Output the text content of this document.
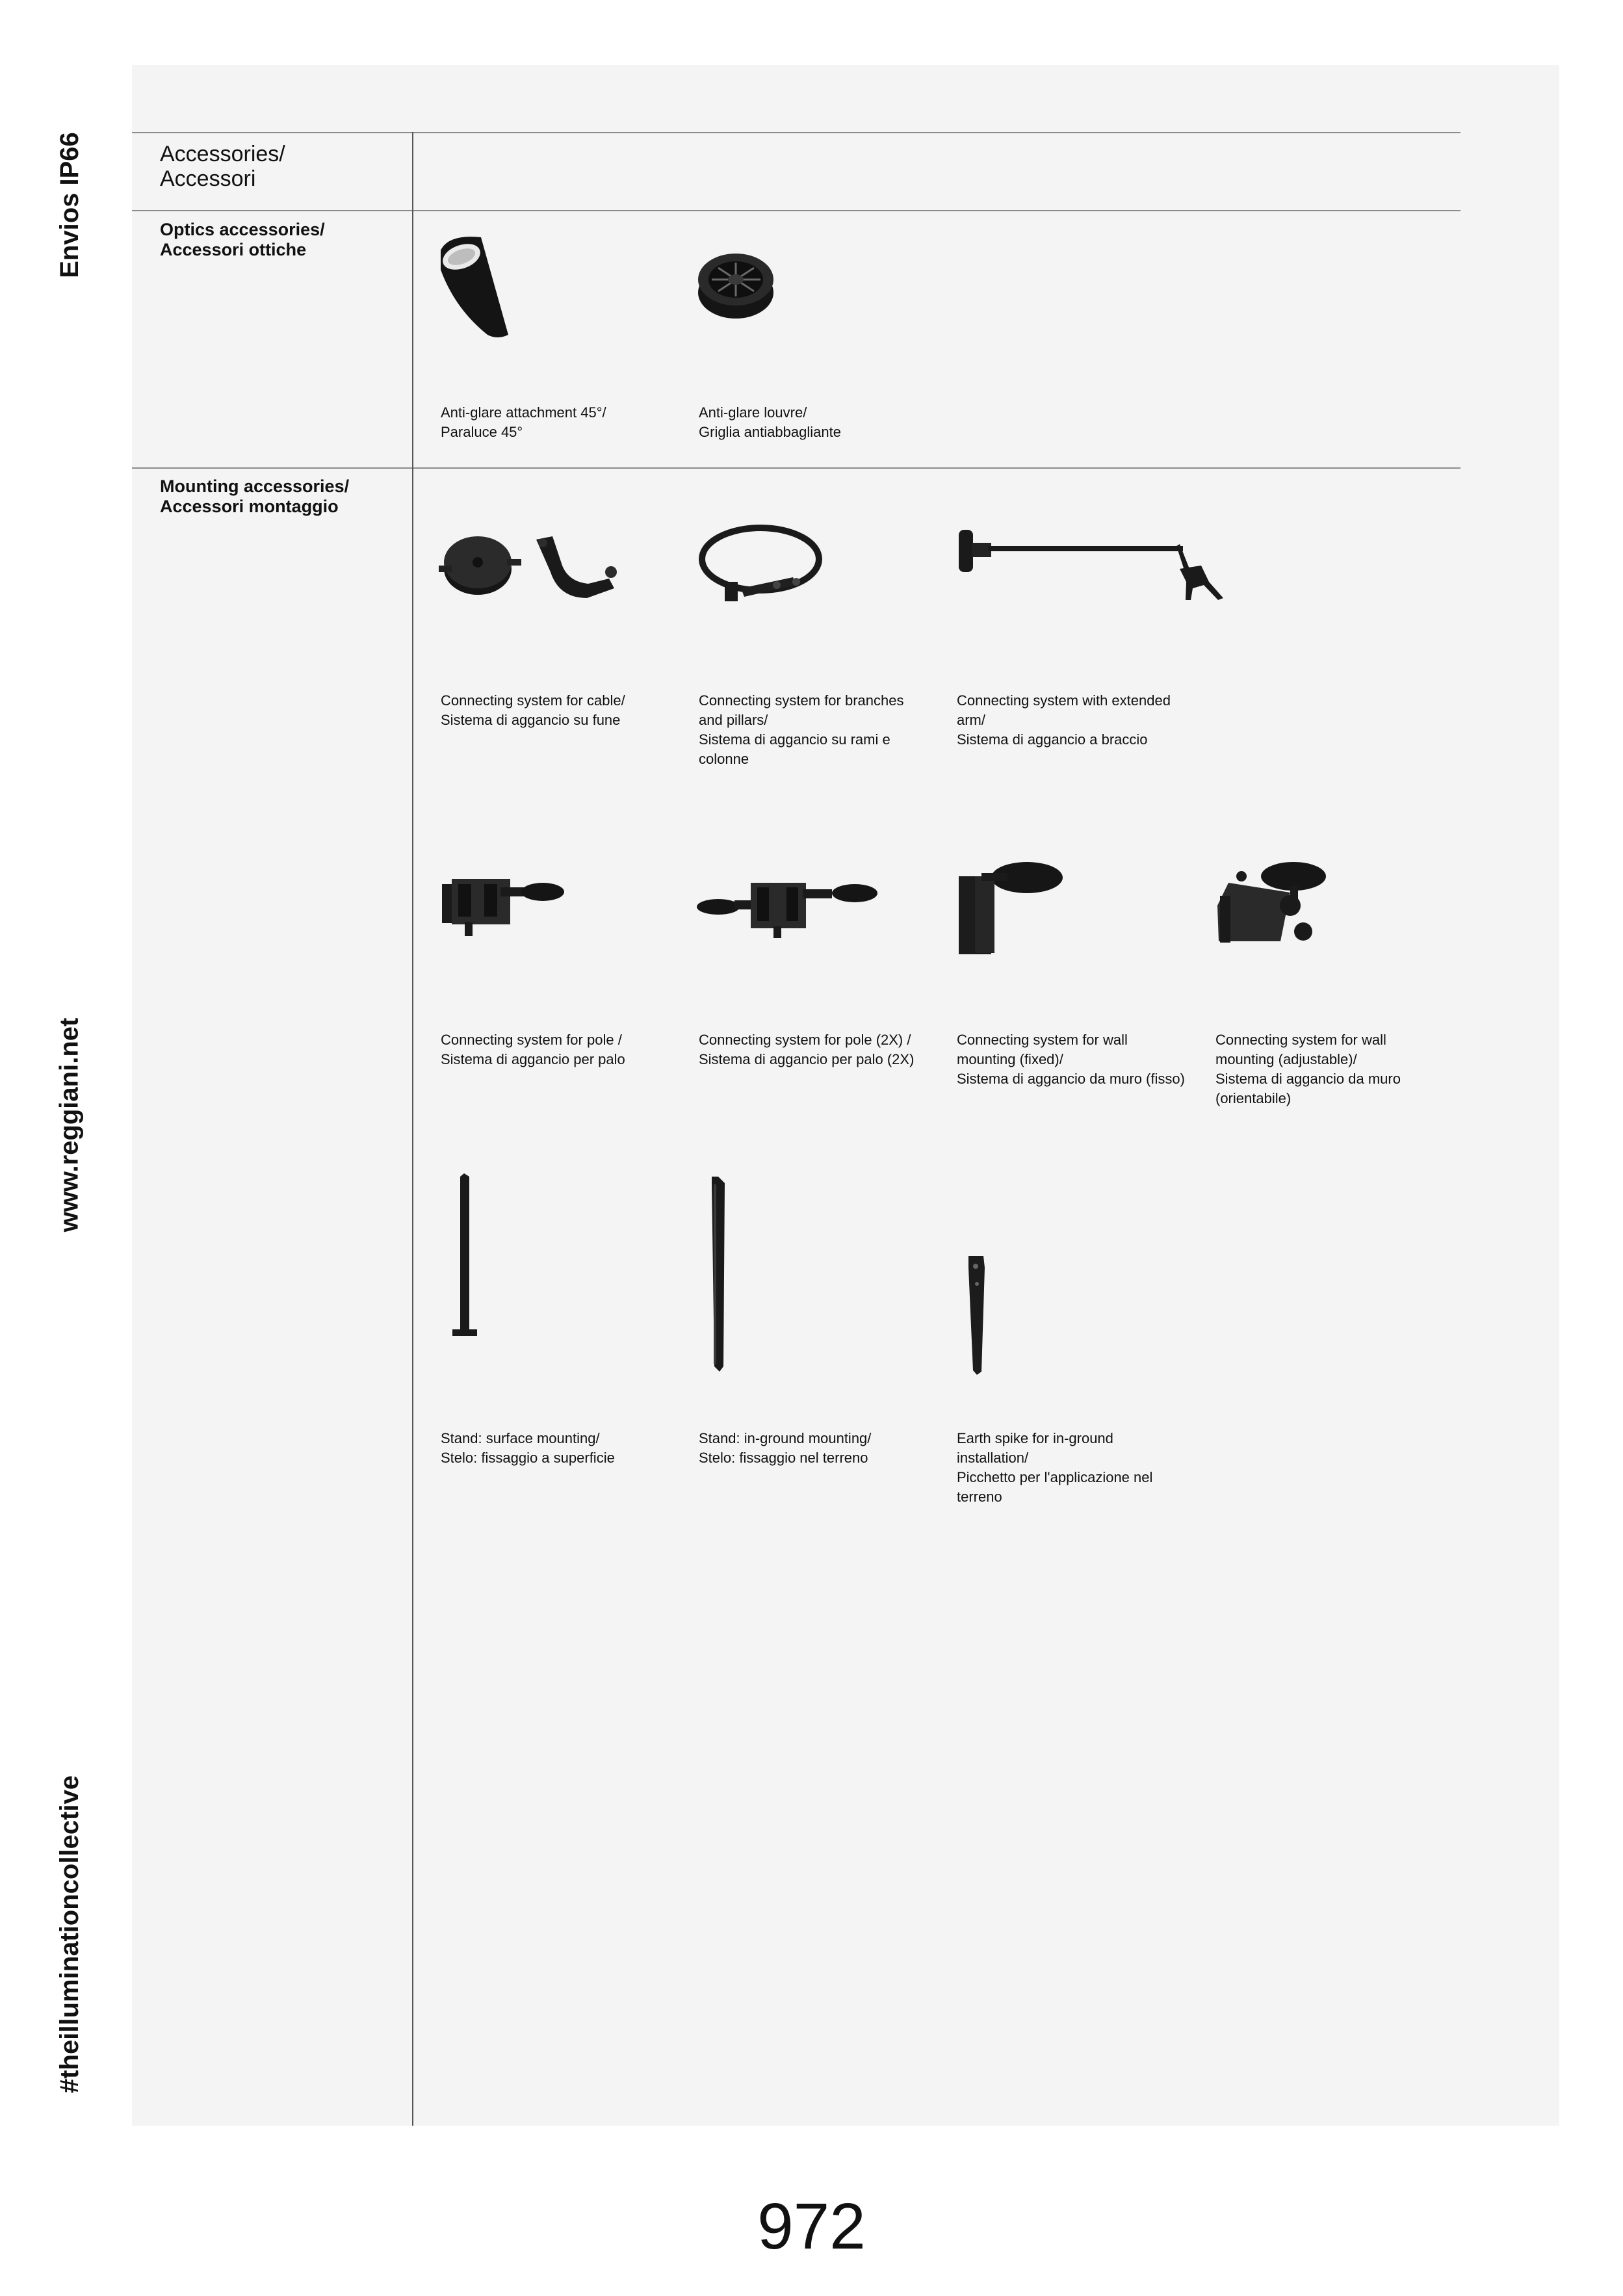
Envios IP66
www.reggiani.net
#theilluminationcollective
Accessories/
Accessori
Optics accessories/
Accessori ottiche
Anti-glare attachment 45°/
Paraluce 45°
Anti-glare louvre/
Griglia antiabbagliante
Mounting accessories/
Accessori montaggio
Connecting system for cable/
Sistema di aggancio su fune
Connecting system for branches
and pillars/
Sistema di aggancio su rami e
colonne
Connecting system with extended
arm/
Sistema di aggancio a braccio
Connecting system for pole /
Sistema di aggancio per palo
Connecting system for pole (2X) /
Sistema di aggancio per palo (2X)
Connecting system for wall
mounting (fixed)/
Sistema di aggancio da muro (fisso)
Connecting system for wall
mounting (adjustable)/
Sistema di aggancio da muro
(orientabile)
Stand: surface mounting/
Stelo: fissaggio a superficie
Stand: in-ground mounting/
Stelo: fissaggio nel terreno
Earth spike for in-ground
installation/
Picchetto per l'applicazione nel
terreno
972
